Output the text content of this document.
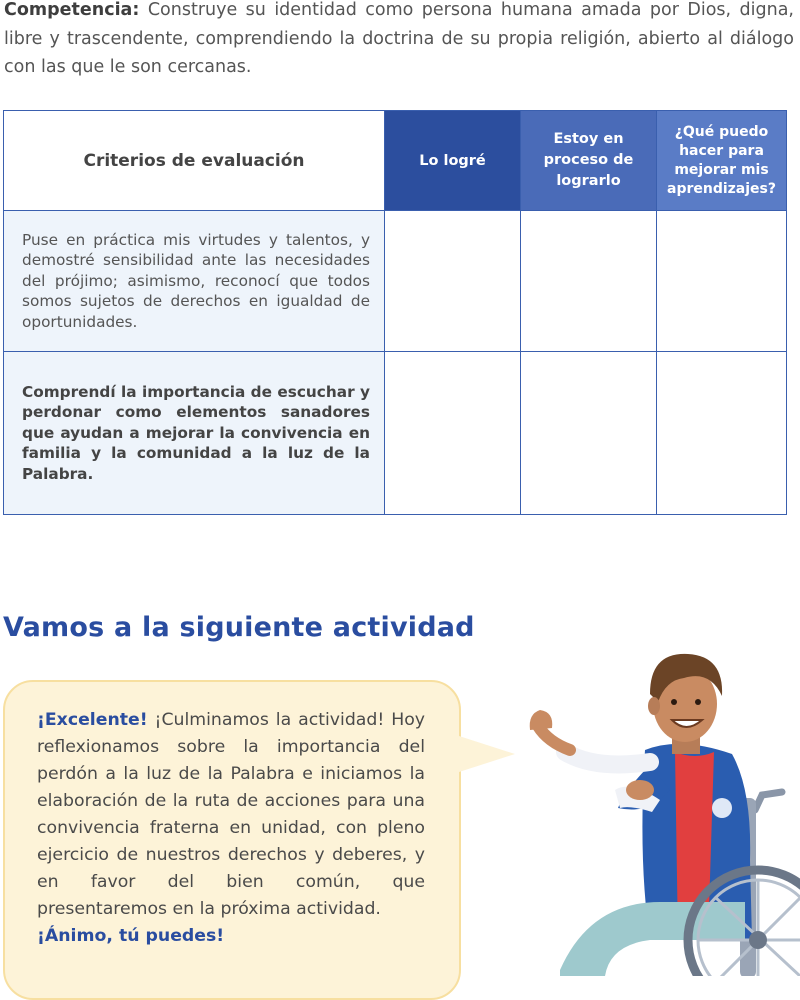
Competencia: Construye su identidad como persona humana amada por Dios, digna, libre y trascendente, comprendiendo la doctrina de su propia religión, abierto al diálogo con las que le son cercanas.
Criterios de evaluación	Lo logré	Estoy en proceso de lograrlo	¿Qué puedo hacer para mejorar mis aprendizajes?
Puse en práctica mis virtudes y talentos, y demostré sensibilidad ante las necesidades del prójimo; asimismo, reconocí que todos somos sujetos de derechos en igualdad de oportunidades.			
Comprendí la importancia de escuchar y perdonar como elementos sanadores que ayudan a mejorar la convivencia en familia y la comunidad a la luz de la Palabra.			
Vamos a la siguiente actividad
¡Excelente! ¡Culminamos la actividad! Hoy reflexionamos sobre la importancia del perdón a la luz de la Palabra e iniciamos la elaboración de la ruta de acciones para una convivencia fraterna en unidad, con pleno ejercicio de nuestros derechos y deberes, y en favor del bien común, que presentaremos en la próxima actividad.
¡Ánimo, tú puedes!
